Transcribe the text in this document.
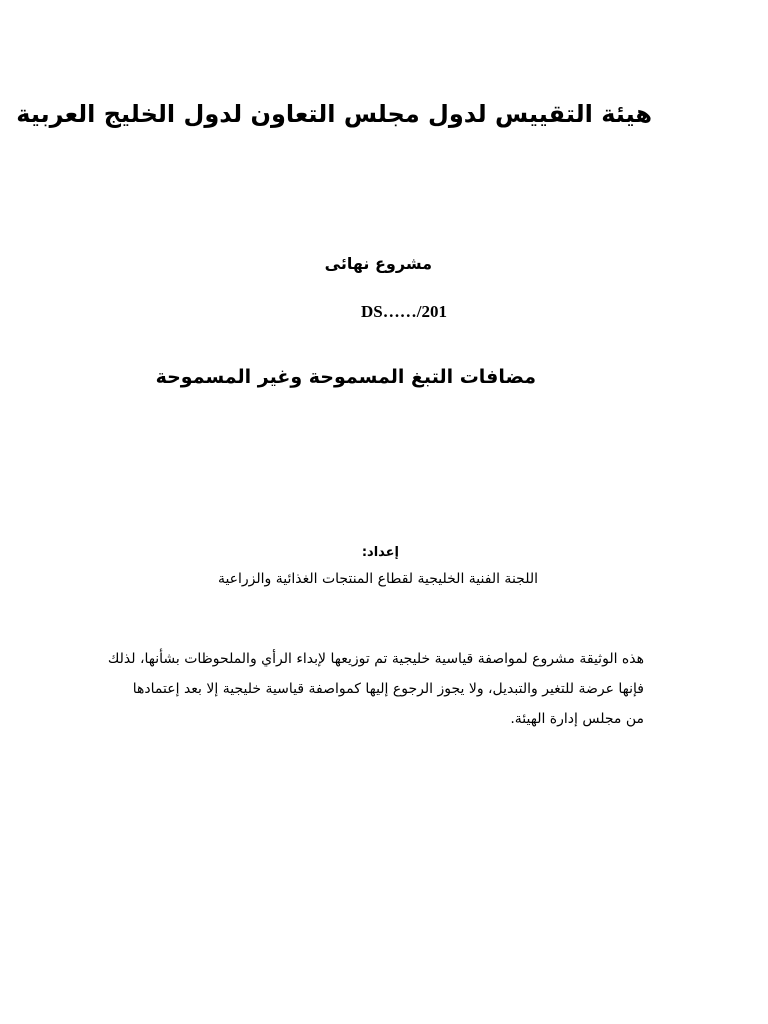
هيئة التقييس لدول مجلس التعاون لدول الخليج العربية
مشروع نهائى
DS……/201
مضافات التبغ المسموحة وغير المسموحة
إعداد:
اللجنة الفنية الخليجية لقطاع المنتجات الغذائية والزراعية
هذه الوثيقة مشروع لمواصفة قياسية خليجية تم توزيعها لإبداء الرأي والملحوظات بشأنها، لذلك
فإنها عرضة للتغير والتبديل، ولا يجوز الرجوع إليها كمواصفة قياسية خليجية إلا بعد إعتمادها
من مجلس إدارة الهيئة.
